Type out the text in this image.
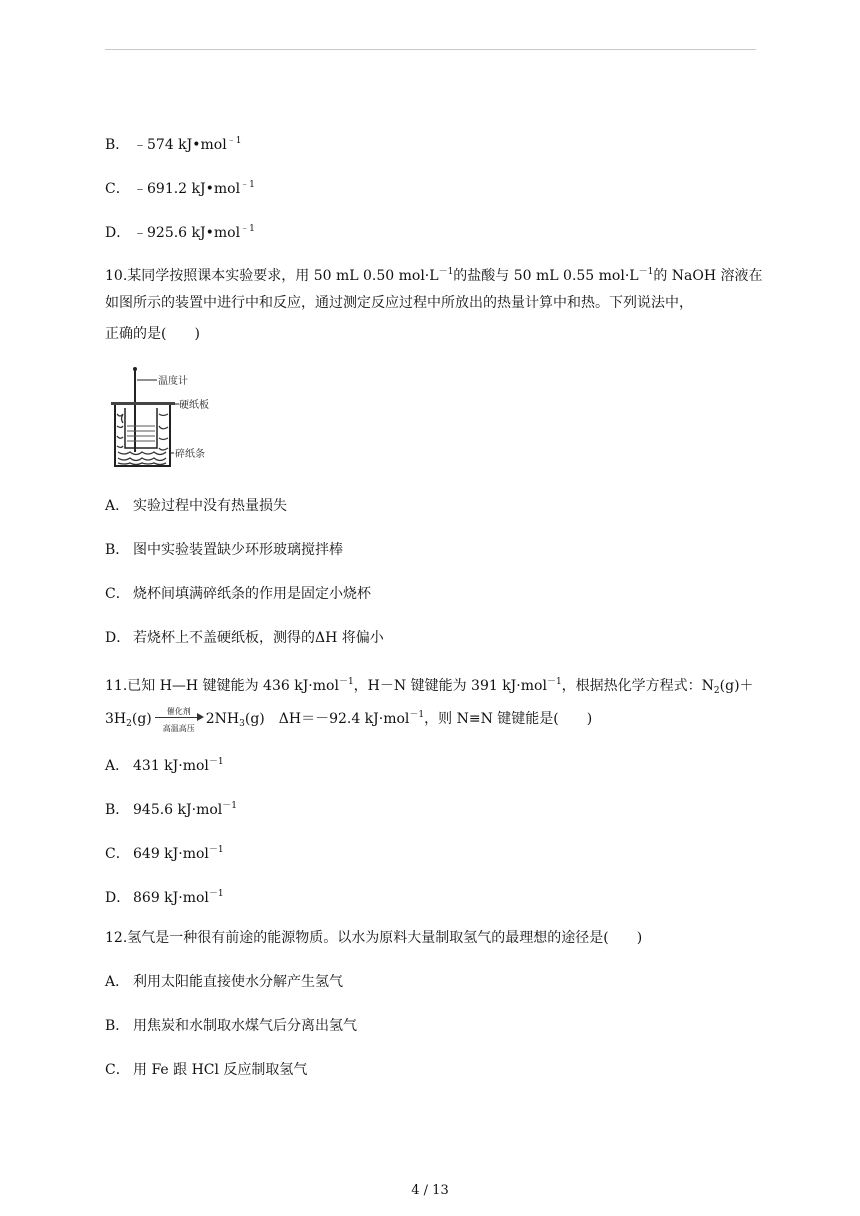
B． ﹣574 kJ•mol$^{﹣1}$
C． ﹣691.2 kJ•mol$^{﹣1}$
D． ﹣925.6 kJ•mol$^{﹣1}$
10.某同学按照课本实验要求，用 50 mL 0.50 $mol\cdot L^{-1}$的盐酸与 50 mL 0.55 $mol\cdot L^{-1}$的 NaOH 溶液在
如图所示的装置中进行中和反应，通过测定反应过程中所放出的热量计算中和热。下列说法中，
正确的是(　　)
温度计
硬纸板
碎纸条
A． 实验过程中没有热量损失
B． 图中实验装置缺少环形玻璃搅拌棒
C． 烧杯间填满碎纸条的作用是固定小烧杯
D． 若烧杯上不盖硬纸板，测得的ΔH 将偏小
11.已知 H—H 键键能为 436 kJ·mol$^{-1}$，H－N 键键能为 391 kJ·mol$^{-1}$，根据热化学方程式：$N_2(g)+$
$3H_2(g)$	催化剂
高温高压
$2NH_3(g)$　ΔH＝－92.4 kJ·mol$^{-1}$，则 N≡N 键键能是(　　)
A． 431 kJ·mol$^{-1}$
B． 945.6 kJ·mol$^{-1}$
C． 649 kJ·mol$^{-1}$
D． 869 kJ·mol$^{-1}$
12.氢气是一种很有前途的能源物质。以水为原料大量制取氢气的最理想的途径是(　　)
A． 利用太阳能直接使水分解产生氢气
B． 用焦炭和水制取水煤气后分离出氢气
C． 用 Fe 跟 HCl 反应制取氢气
4 / 13
